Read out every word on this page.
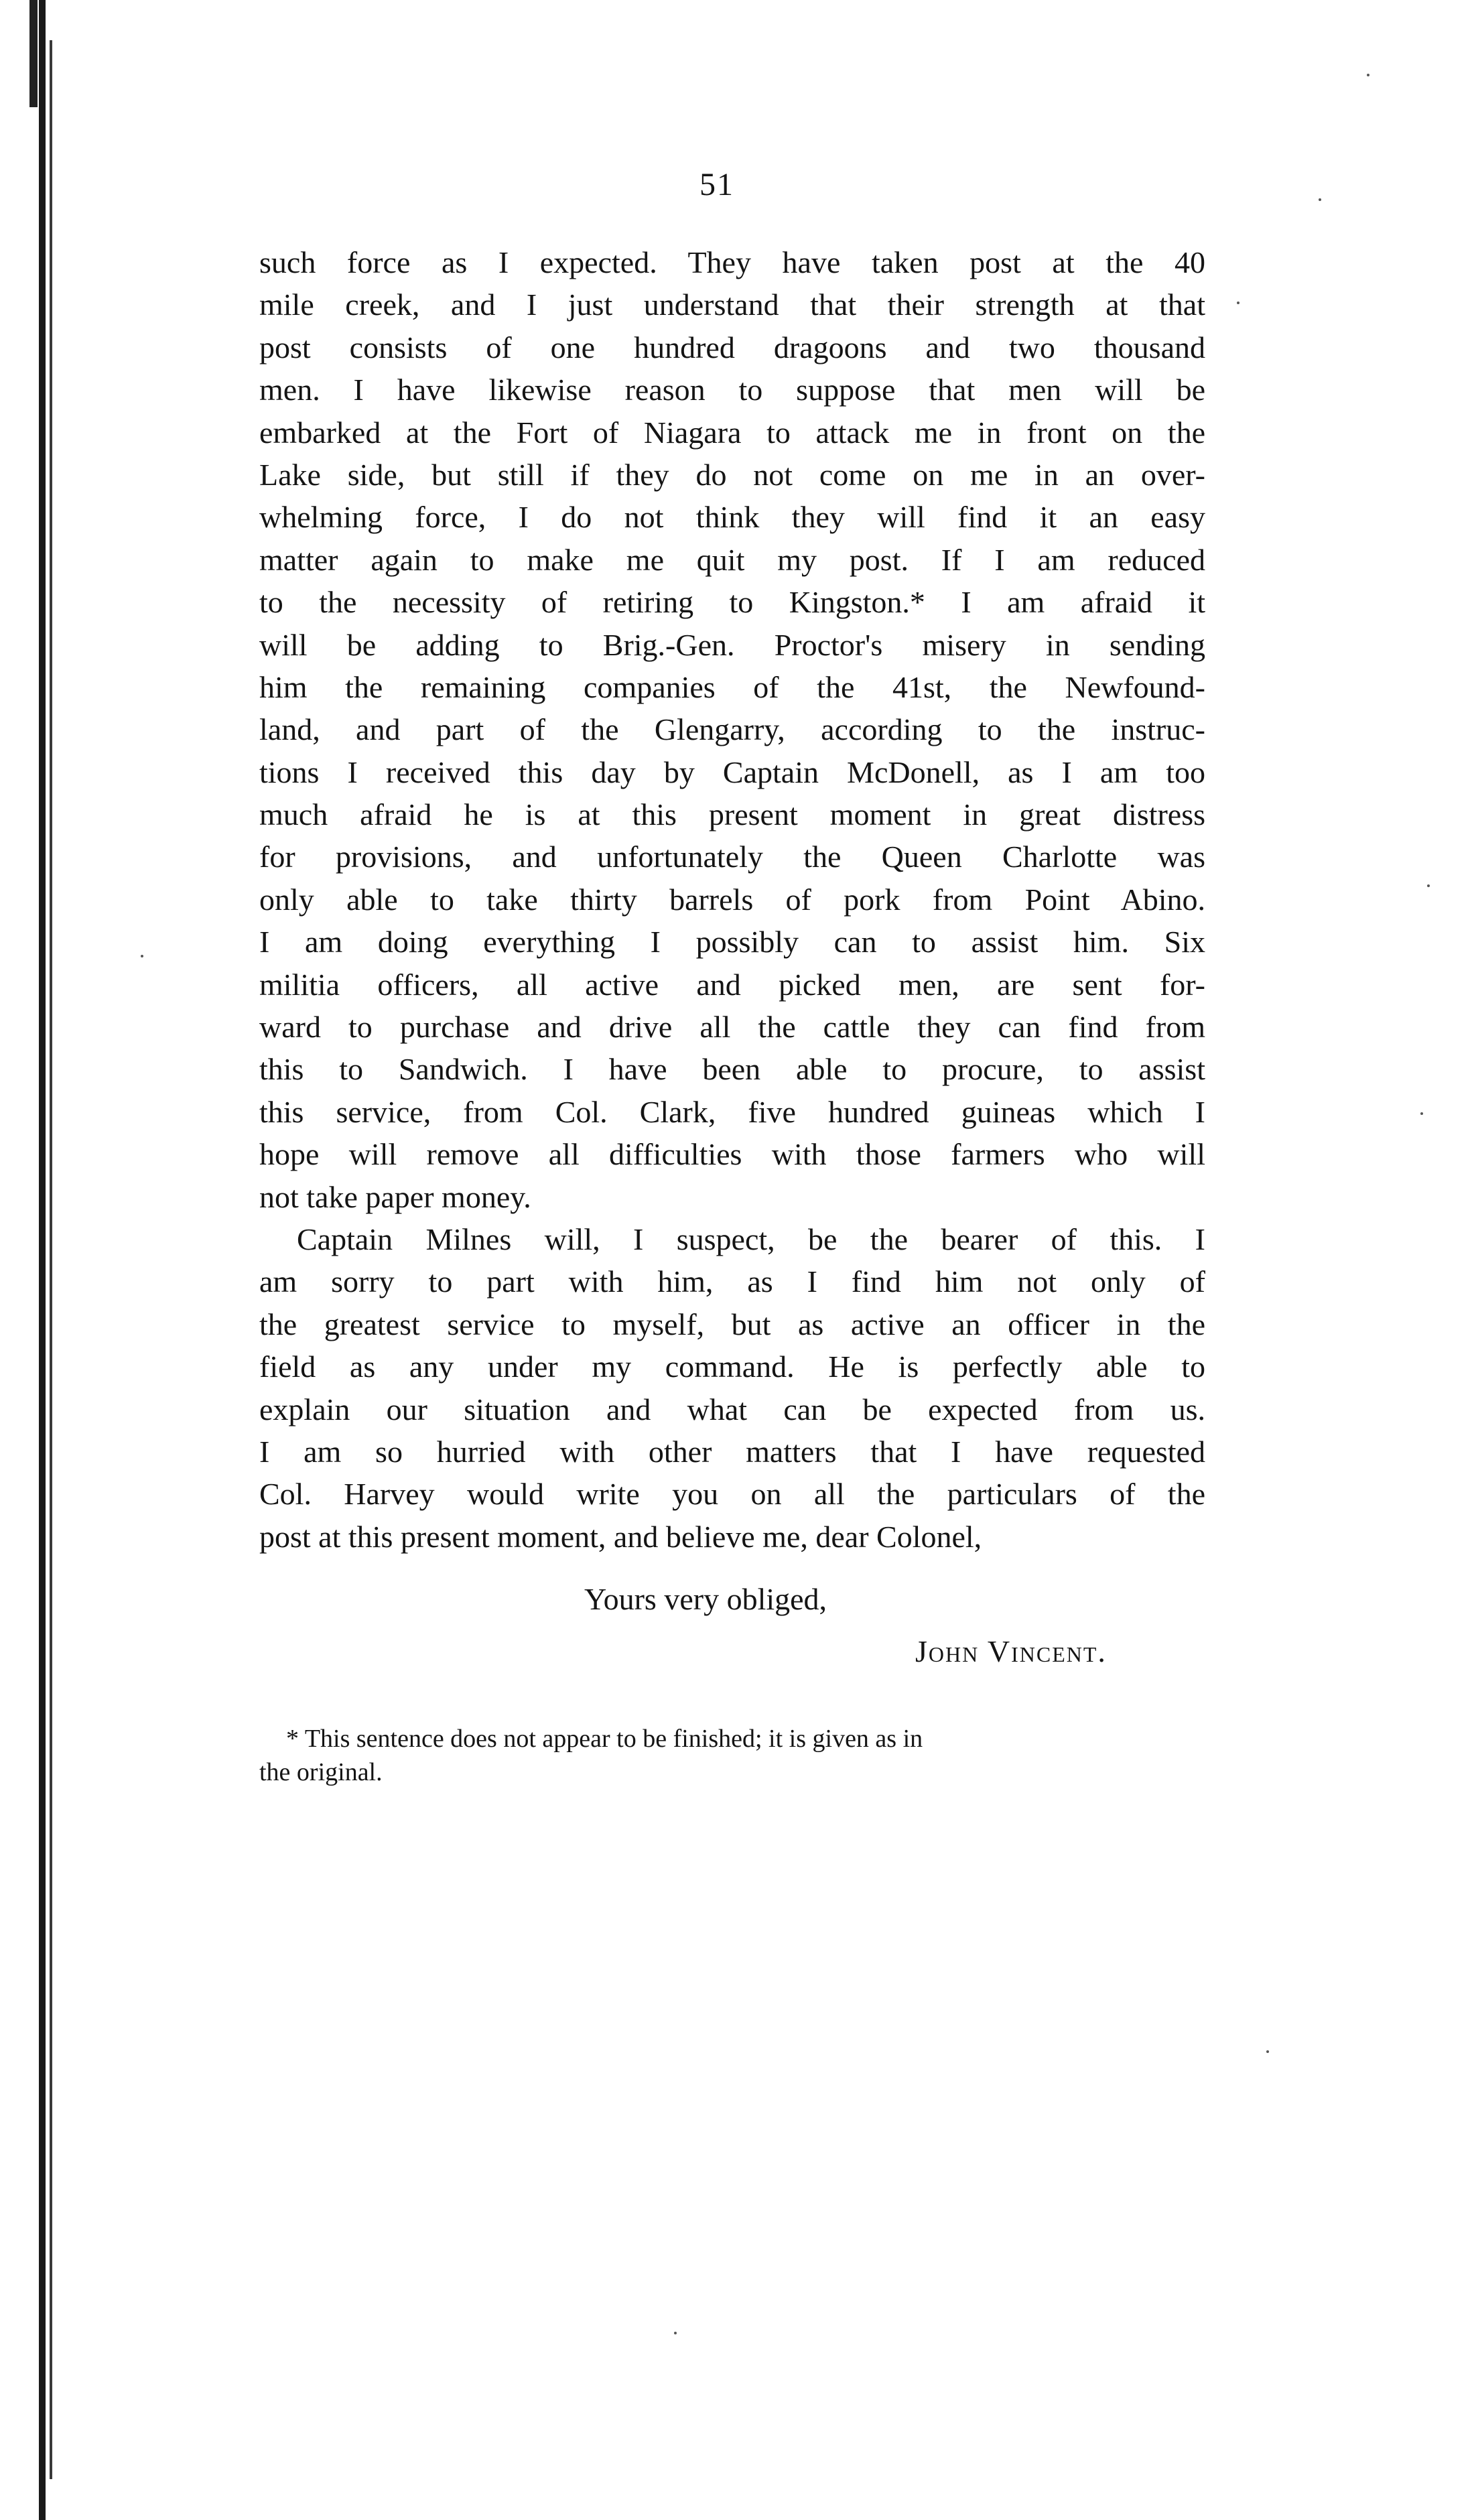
51
such force as I expected. They have taken post at the 40
mile creek, and I just understand that their strength at that
post consists of one hundred dragoons and two thousand
men. I have likewise reason to suppose that men will be
embarked at the Fort of Niagara to attack me in front on the
Lake side, but still if they do not come on me in an over-
whelming force, I do not think they will find it an easy
matter again to make me quit my post. If I am reduced
to the necessity of retiring to Kingston.* I am afraid it
will be adding to Brig.-Gen. Proctor's misery in sending
him the remaining companies of the 41st, the Newfound-
land, and part of the Glengarry, according to the instruc-
tions I received this day by Captain McDonell, as I am too
much afraid he is at this present moment in great distress
for provisions, and unfortunately the Queen Charlotte was
only able to take thirty barrels of pork from Point Abino.
I am doing everything I possibly can to assist him. Six
militia officers, all active and picked men, are sent for-
ward to purchase and drive all the cattle they can find from
this to Sandwich. I have been able to procure, to assist
this service, from Col. Clark, five hundred guineas which I
hope will remove all difficulties with those farmers who will
not take paper money.
Captain Milnes will, I suspect, be the bearer of this. I
am sorry to part with him, as I find him not only of
the greatest service to myself, but as active an officer in the
field as any under my command. He is perfectly able to
explain our situation and what can be expected from us.
I am so hurried with other matters that I have requested
Col. Harvey would write you on all the particulars of the
post at this present moment, and believe me, dear Colonel,
Yours very obliged,
John Vincent.
* This sentence does not appear to be finished; it is given as in
the original.
